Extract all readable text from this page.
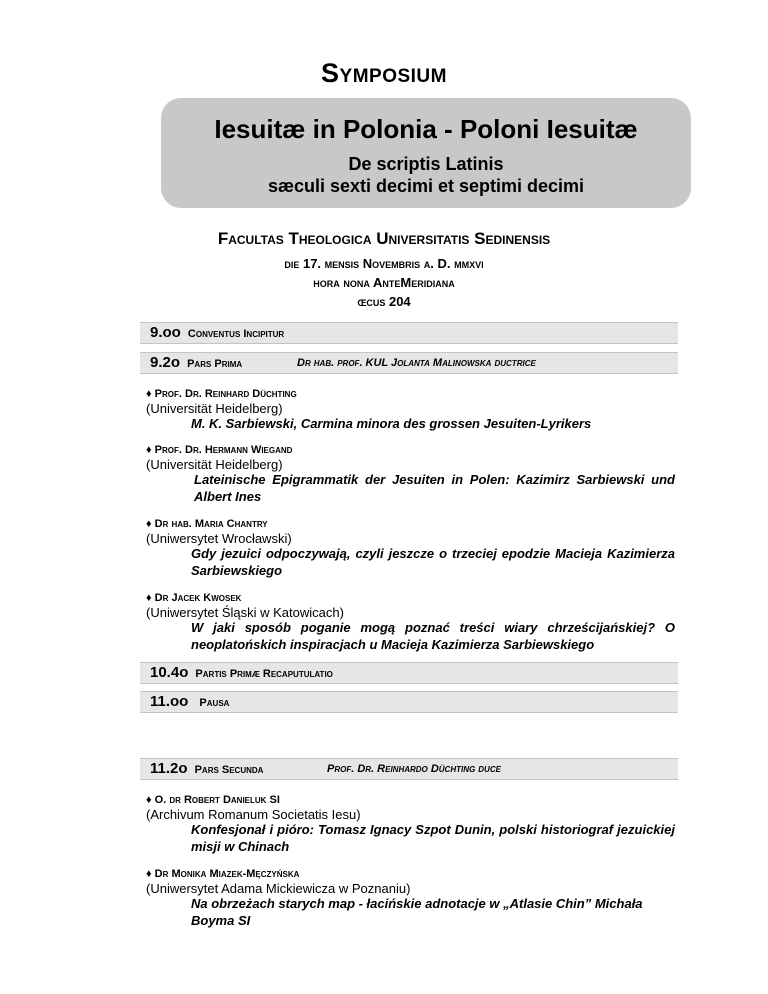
Symposium
Iesuitæ in Polonia - Poloni Iesuitæ
De scriptis Latinis
sæculi sexti decimi et septimi decimi
Facultas Theologica Universitatis Sedinensis
die 17. mensis Novembris a. D. mmxvi
hora nona AnteMeridiana
œcus 204
9.oo Conventus Incipitur
9.2o Pars Prima	Dr hab. prof. KUL Jolanta Malinowska ductrice
♦ Prof. Dr. Reinhard Düchting
(Universität Heidelberg)
M. K. Sarbiewski, Carmina minora des grossen Jesuiten-Lyrikers
♦ Prof. Dr. Hermann Wiegand
(Universität Heidelberg)
Lateinische Epigrammatik der Jesuiten in Polen: Kazimirz Sarbiewski und Albert Ines
♦ Dr hab. Maria Chantry
(Uniwersytet Wrocławski)
Gdy jezuici odpoczywają, czyli jeszcze o trzeciej epodzie Macieja Kazimierza Sarbiewskiego
♦ Dr Jacek Kwosek
(Uniwersytet Śląski w Katowicach)
W jaki sposób poganie mogą poznać treści wiary chrześcijańskiej? O neoplatońskich inspiracjach u Macieja Kazimierza Sarbiewskiego
10.4o Partis Primæ Recaputulatio
11.oo Pausa
11.2o Pars Secunda	Prof. Dr. Reinhardo Düchting duce
♦ O. dr Robert Danieluk SI
(Archivum Romanum Societatis Iesu)
Konfesjonał i pióro: Tomasz Ignacy Szpot Dunin, polski historiograf jezuickiej misji w Chinach
♦ Dr Monika Miazek-Męczyńska
(Uniwersytet Adama Mickiewicza w Poznaniu)
Na obrzeżach starych map - łacińskie adnotacje w „Atlasie Chin” Michała Boyma SI
